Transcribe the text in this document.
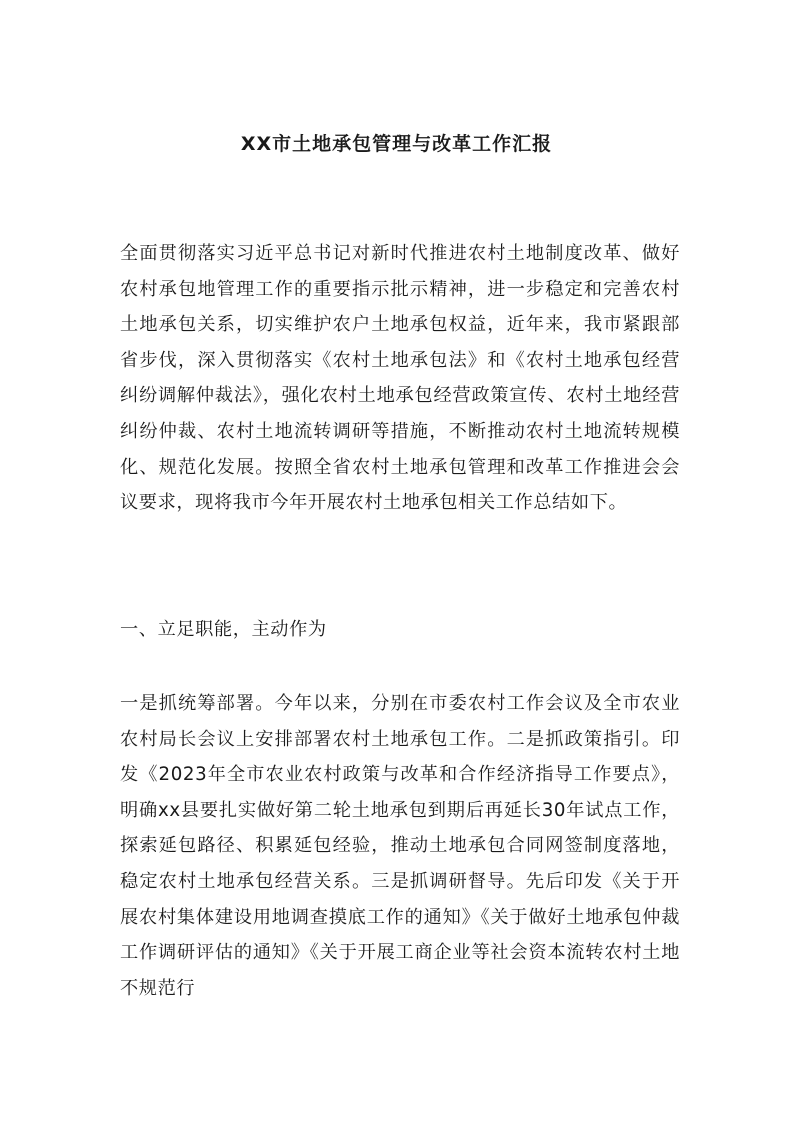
XX市土地承包管理与改革工作汇报

全面贯彻落实习近平总书记对新时代推进农村土地制度改革、做好农村承包地管理工作的重要指示批示精神，进一步稳定和完善农村土地承包关系，切实维护农户土地承包权益，近年来，我市紧跟部省步伐，深入贯彻落实《农村土地承包法》和《农村土地承包经营纠纷调解仲裁法》，强化农村土地承包经营政策宣传、农村土地经营纠纷仲裁、农村土地流转调研等措施，不断推动农村土地流转规模化、规范化发展。按照全省农村土地承包管理和改革工作推进会会议要求，现将我市今年开展农村土地承包相关工作总结如下。

一、立足职能，主动作为

一是抓统筹部署。今年以来，分别在市委农村工作会议及全市农业农村局长会议上安排部署农村土地承包工作。二是抓政策指引。印发《2023年全市农业农村政策与改革和合作经济指导工作要点》，明确xx县要扎实做好第二轮土地承包到期后再延长30年试点工作，探索延包路径、积累延包经验，推动土地承包合同网签制度落地，稳定农村土地承包经营关系。三是抓调研督导。先后印发《关于开展农村集体建设用地调查摸底工作的通知》《关于做好土地承包仲裁工作调研评估的通知》《关于开展工商企业等社会资本流转农村土地不规范行
